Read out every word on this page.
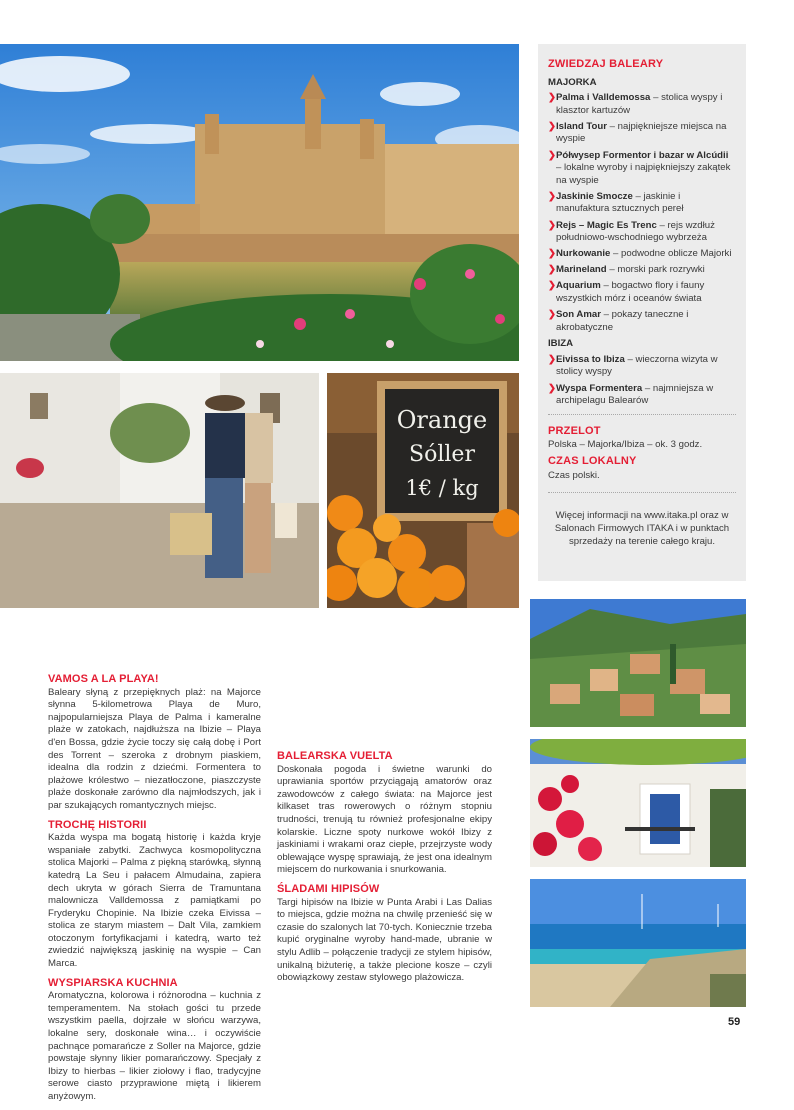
Orange
Sóller
1€ / kg
ZWIEDZAJ BALEARY
MAJORKA
❯ Palma i Valldemossa – stolica wyspy i klasztor kartuzów
❯ Island Tour – najpiękniejsze miejsca na wyspie
❯ Półwysep Formentor i bazar w Alcúdii – lokalne wyroby i najpiękniejszy zakątek na wyspie
❯ Jaskinie Smocze – jaskinie i manufaktura sztucznych pereł
❯ Rejs – Magic Es Trenc – rejs wzdłuż południowo-wschodniego wybrzeża
❯ Nurkowanie – podwodne oblicze Majorki
❯ Marineland – morski park rozrywki
❯ Aquarium – bogactwo flory i fauny wszystkich mórz i oceanów świata
❯ Son Amar – pokazy taneczne i akrobatyczne
IBIZA
❯ Eivissa to Ibiza – wieczorna wizyta w stolicy wyspy
❯ Wyspa Formentera – najmniejsza w archipelagu Balearów
PRZELOT

Polska – Majorka/Ibiza – ok. 3 godz.

CZAS LOKALNY

Czas polski.

Więcej informacji na www.itaka.pl oraz w Salonach Firmowych ITAKA i w punktach sprzedaży na terenie całego kraju.
VAMOS A LA PLAYA!

Baleary słyną z przepięknych plaż: na Majorce słynna 5-kilometrowa Playa de Muro, najpopularniejsza Playa de Palma i kameralne plaże w zatokach, najdłuższa na Ibizie – Playa d'en Bossa, gdzie życie toczy się całą dobę i Port des Torrent – szeroka z drobnym piaskiem, idealna dla rodzin z dziećmi. Formentera to plażowe królestwo – niezatłoczone, piaszczyste plaże doskonałe zarówno dla najmłodszych, jak i par szukających romantycznych miejsc.

TROCHĘ HISTORII

Każda wyspa ma bogatą historię i każda kryje wspaniałe zabytki. Zachwyca kosmopolityczna stolica Majorki – Palma z piękną starówką, słynną katedrą La Seu i pałacem Almudaina, zapiera dech ukryta w górach Sierra de Tramuntana malownicza Valldemossa z pamiątkami po Fryderyku Chopinie. Na Ibizie czeka Eivissa – stolica ze starym miastem – Dalt Vila, zamkiem otoczonym fortyfikacjami i katedrą, warto też zwiedzić największą jaskinię na wyspie – Can Marca.

WYSPIARSKA KUCHNIA

Aromatyczna, kolorowa i różnorodna – kuchnia z temperamentem. Na stołach gości tu przede wszystkim paella, dojrzałe w słońcu warzywa, lokalne sery, doskonałe wina… i oczywiście pachnące pomarańcze z Soller na Majorce, gdzie powstaje słynny likier pomarańczowy. Specjały z Ibizy to hierbas – likier ziołowy i flao, tradycyjne serowe ciasto przyprawione miętą i likierem anyżowym.

BALEARSKA VUELTA

Doskonała pogoda i świetne warunki do uprawiania sportów przyciągają amatorów oraz zawodowców z całego świata: na Majorce jest kilkaset tras rowerowych o różnym stopniu trudności, trenują tu również profesjonalne ekipy kolarskie. Liczne spoty nurkowe wokół Ibizy z jaskiniami i wrakami oraz ciepłe, przejrzyste wody oblewające wyspę sprawiają, że jest ona idealnym miejscem do nurkowania i snurkowania.

ŚLADAMI HIPISÓW

Targi hipisów na Ibizie w Punta Arabi i Las Dalias to miejsca, gdzie można na chwilę przenieść się w czasie do szalonych lat 70-tych. Koniecznie trzeba kupić oryginalne wyroby hand-made, ubranie w stylu Adlib – połączenie tradycji ze stylem hipisów, unikalną biżuterię, a także plecione kosze – czyli obowiązkowy zestaw stylowego plażowicza.

59
